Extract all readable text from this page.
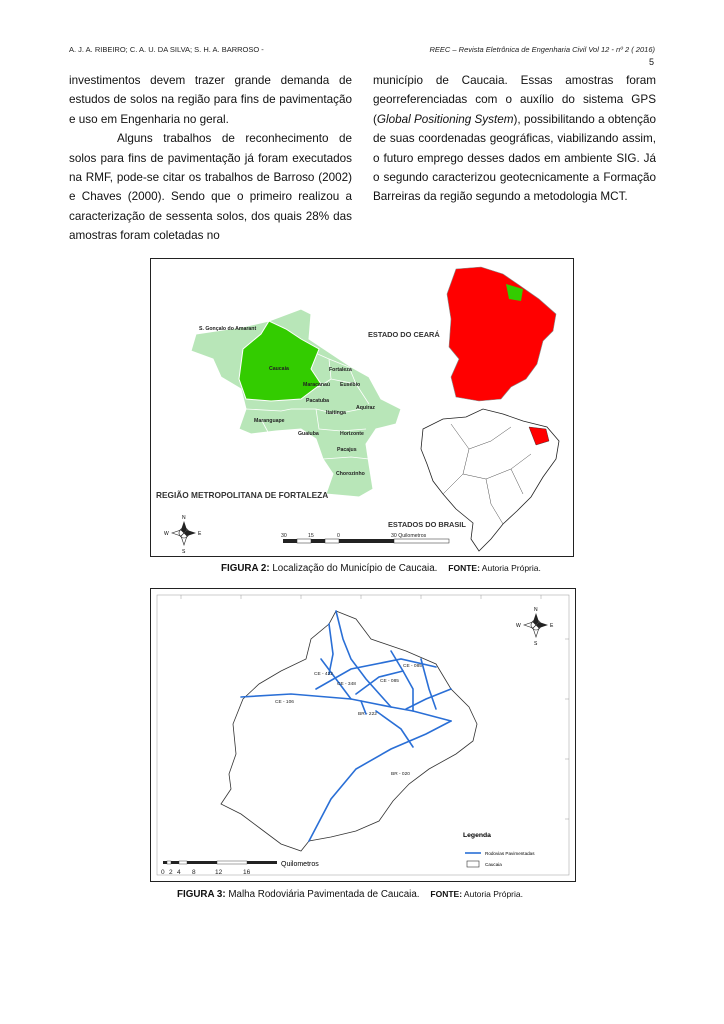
A. J. A. RIBEIRO; C. A. U. DA SILVA; S. H. A. BARROSO -	REEC – Revista Eletrônica de Engenharia Civil Vol 12 - nº 2 ( 2016)
5

investimentos devem trazer grande demanda de estudos de solos na região para fins de pavimentação e uso em Engenharia no geral.

Alguns trabalhos de reconhecimento de solos para fins de pavimentação já foram executados na RMF, pode-se citar os trabalhos de Barroso (2002) e Chaves (2000). Sendo que o primeiro realizou a caracterização de sessenta solos, dos quais 28% das amostras foram coletadas no

município de Caucaia. Essas amostras foram georreferenciadas com o auxílio do sistema GPS (Global Positioning System), possibilitando a obtenção de suas coordenadas geográficas, viabilizando assim, o futuro emprego desses dados em ambiente SIG. Já o segundo caracterizou geotecnicamente a Formação Barreiras da região segundo a metodologia MCT.

S. Gonçalo do Amarant
Caucaia	Fortaleza
Maracanaú Eusébio
Pacatuba
Itaitinga
Aquiraz
Maranguape
Guaiuba	Horizonte
Pacajus
Chorozinho
REGIÃO METROPOLITANA DE FORTALEZA
ESTADO DO CEARÁ
ESTADOS DO BRASIL
N
S
E
W	30	15	0	30 Quilometros
FIGURA 2: Localização do Município de Caucaia. FONTE: Autoria Própria.
CE - 085
CE - 422
CE - 348
CE - 085
CE - 106
BR - 222
BR - 020
N
S
E
W
Legenda
Rodovias Pavimentadas
Caucaia
Quilometros
0 2 4 8	12	16
FIGURA 3: Malha Rodoviária Pavimentada de Caucaia. FONTE: Autoria Própria.
